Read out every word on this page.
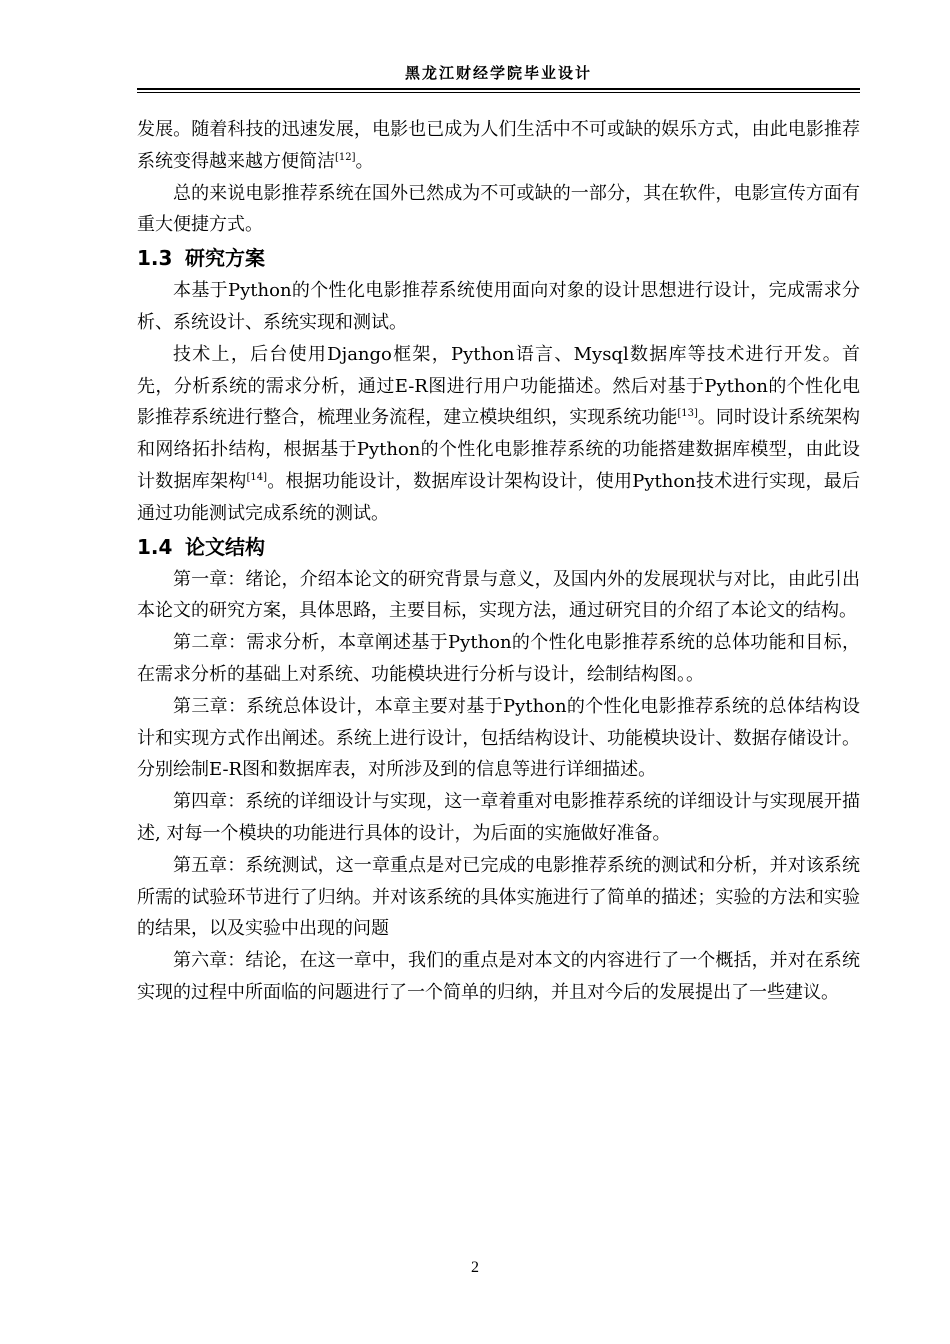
黑龙江财经学院毕业设计

发展。随着科技的迅速发展，电影也已成为人们生活中不可或缺的娱乐方式，由此电影推荐系统变得越来越方便简洁[12]。

总的来说电影推荐系统在国外已然成为不可或缺的一部分，其在软件，电影宣传方面有重大便捷方式。

1.3 研究方案

本基于Python的个性化电影推荐系统使用面向对象的设计思想进行设计，完成需求分析、系统设计、系统实现和测试。

技术上，后台使用Django框架，Python语言、Mysql数据库等技术进行开发。首先，分析系统的需求分析，通过E-R图进行用户功能描述。然后对基于Python的个性化电影推荐系统进行整合，梳理业务流程，建立模块组织，实现系统功能[13]。同时设计系统架构和网络拓扑结构，根据基于Python的个性化电影推荐系统的功能搭建数据库模型，由此设计数据库架构[14]。根据功能设计，数据库设计架构设计，使用Python技术进行实现，最后通过功能测试完成系统的测试。

1.4 论文结构

第一章：绪论，介绍本论文的研究背景与意义，及国内外的发展现状与对比，由此引出本论文的研究方案，具体思路，主要目标，实现方法，通过研究目的介绍了本论文的结构。

第二章：需求分析，本章阐述基于Python的个性化电影推荐系统的总体功能和目标，在需求分析的基础上对系统、功能模块进行分析与设计，绘制结构图。。

第三章：系统总体设计，本章主要对基于Python的个性化电影推荐系统的总体结构设计和实现方式作出阐述。系统上进行设计，包括结构设计、功能模块设计、数据存储设计。分别绘制E-R图和数据库表，对所涉及到的信息等进行详细描述。

第四章：系统的详细设计与实现，这一章着重对电影推荐系统的详细设计与实现展开描述, 对每一个模块的功能进行具体的设计，为后面的实施做好准备。

第五章：系统测试，这一章重点是对已完成的电影推荐系统的测试和分析，并对该系统所需的试验环节进行了归纳。并对该系统的具体实施进行了简单的描述；实验的方法和实验的结果，以及实验中出现的问题

第六章：结论，在这一章中，我们的重点是对本文的内容进行了一个概括，并对在系统实现的过程中所面临的问题进行了一个简单的归纳，并且对今后的发展提出了一些建议。

2
